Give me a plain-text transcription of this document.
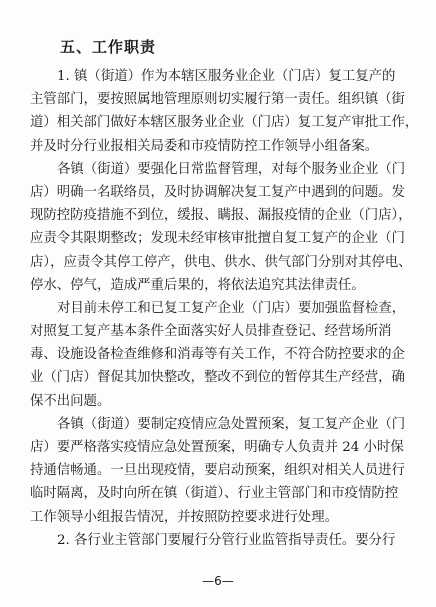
五、工作职责
1. 镇（街道）作为本辖区服务业企业（门店）复工复产的
主管部门，要按照属地管理原则切实履行第一责任。组织镇（街
道）相关部门做好本辖区服务业企业（门店）复工复产审批工作，
并及时分行业报相关局委和市疫情防控工作领导小组备案。
各镇（街道）要强化日常监督管理，对每个服务业企业（门
店）明确一名联络员，及时协调解决复工复产中遇到的问题。发
现防控防疫措施不到位，缓报、瞒报、漏报疫情的企业（门店），
应责令其限期整改；发现未经审核审批擅自复工复产的企业（门
店），应责令其停工停产，供电、供水、供气部门分别对其停电、
停水、停气，造成严重后果的，将依法追究其法律责任。
对目前未停工和已复工复产企业（门店）要加强监督检查，
对照复工复产基本条件全面落实好人员排查登记、经营场所消
毒、设施设备检查维修和消毒等有关工作，不符合防控要求的企
业（门店）督促其加快整改，整改不到位的暂停其生产经营，确
保不出问题。
各镇（街道）要制定疫情应急处置预案，复工复产企业（门
店）要严格落实疫情应急处置预案，明确专人负责并 24 小时保
持通信畅通。一旦出现疫情，要启动预案，组织对相关人员进行
临时隔离，及时向所在镇（街道）、行业主管部门和市疫情防控
工作领导小组报告情况，并按照防控要求进行处理。
2. 各行业主管部门要履行分管行业监管指导责任。要分行
—6—
